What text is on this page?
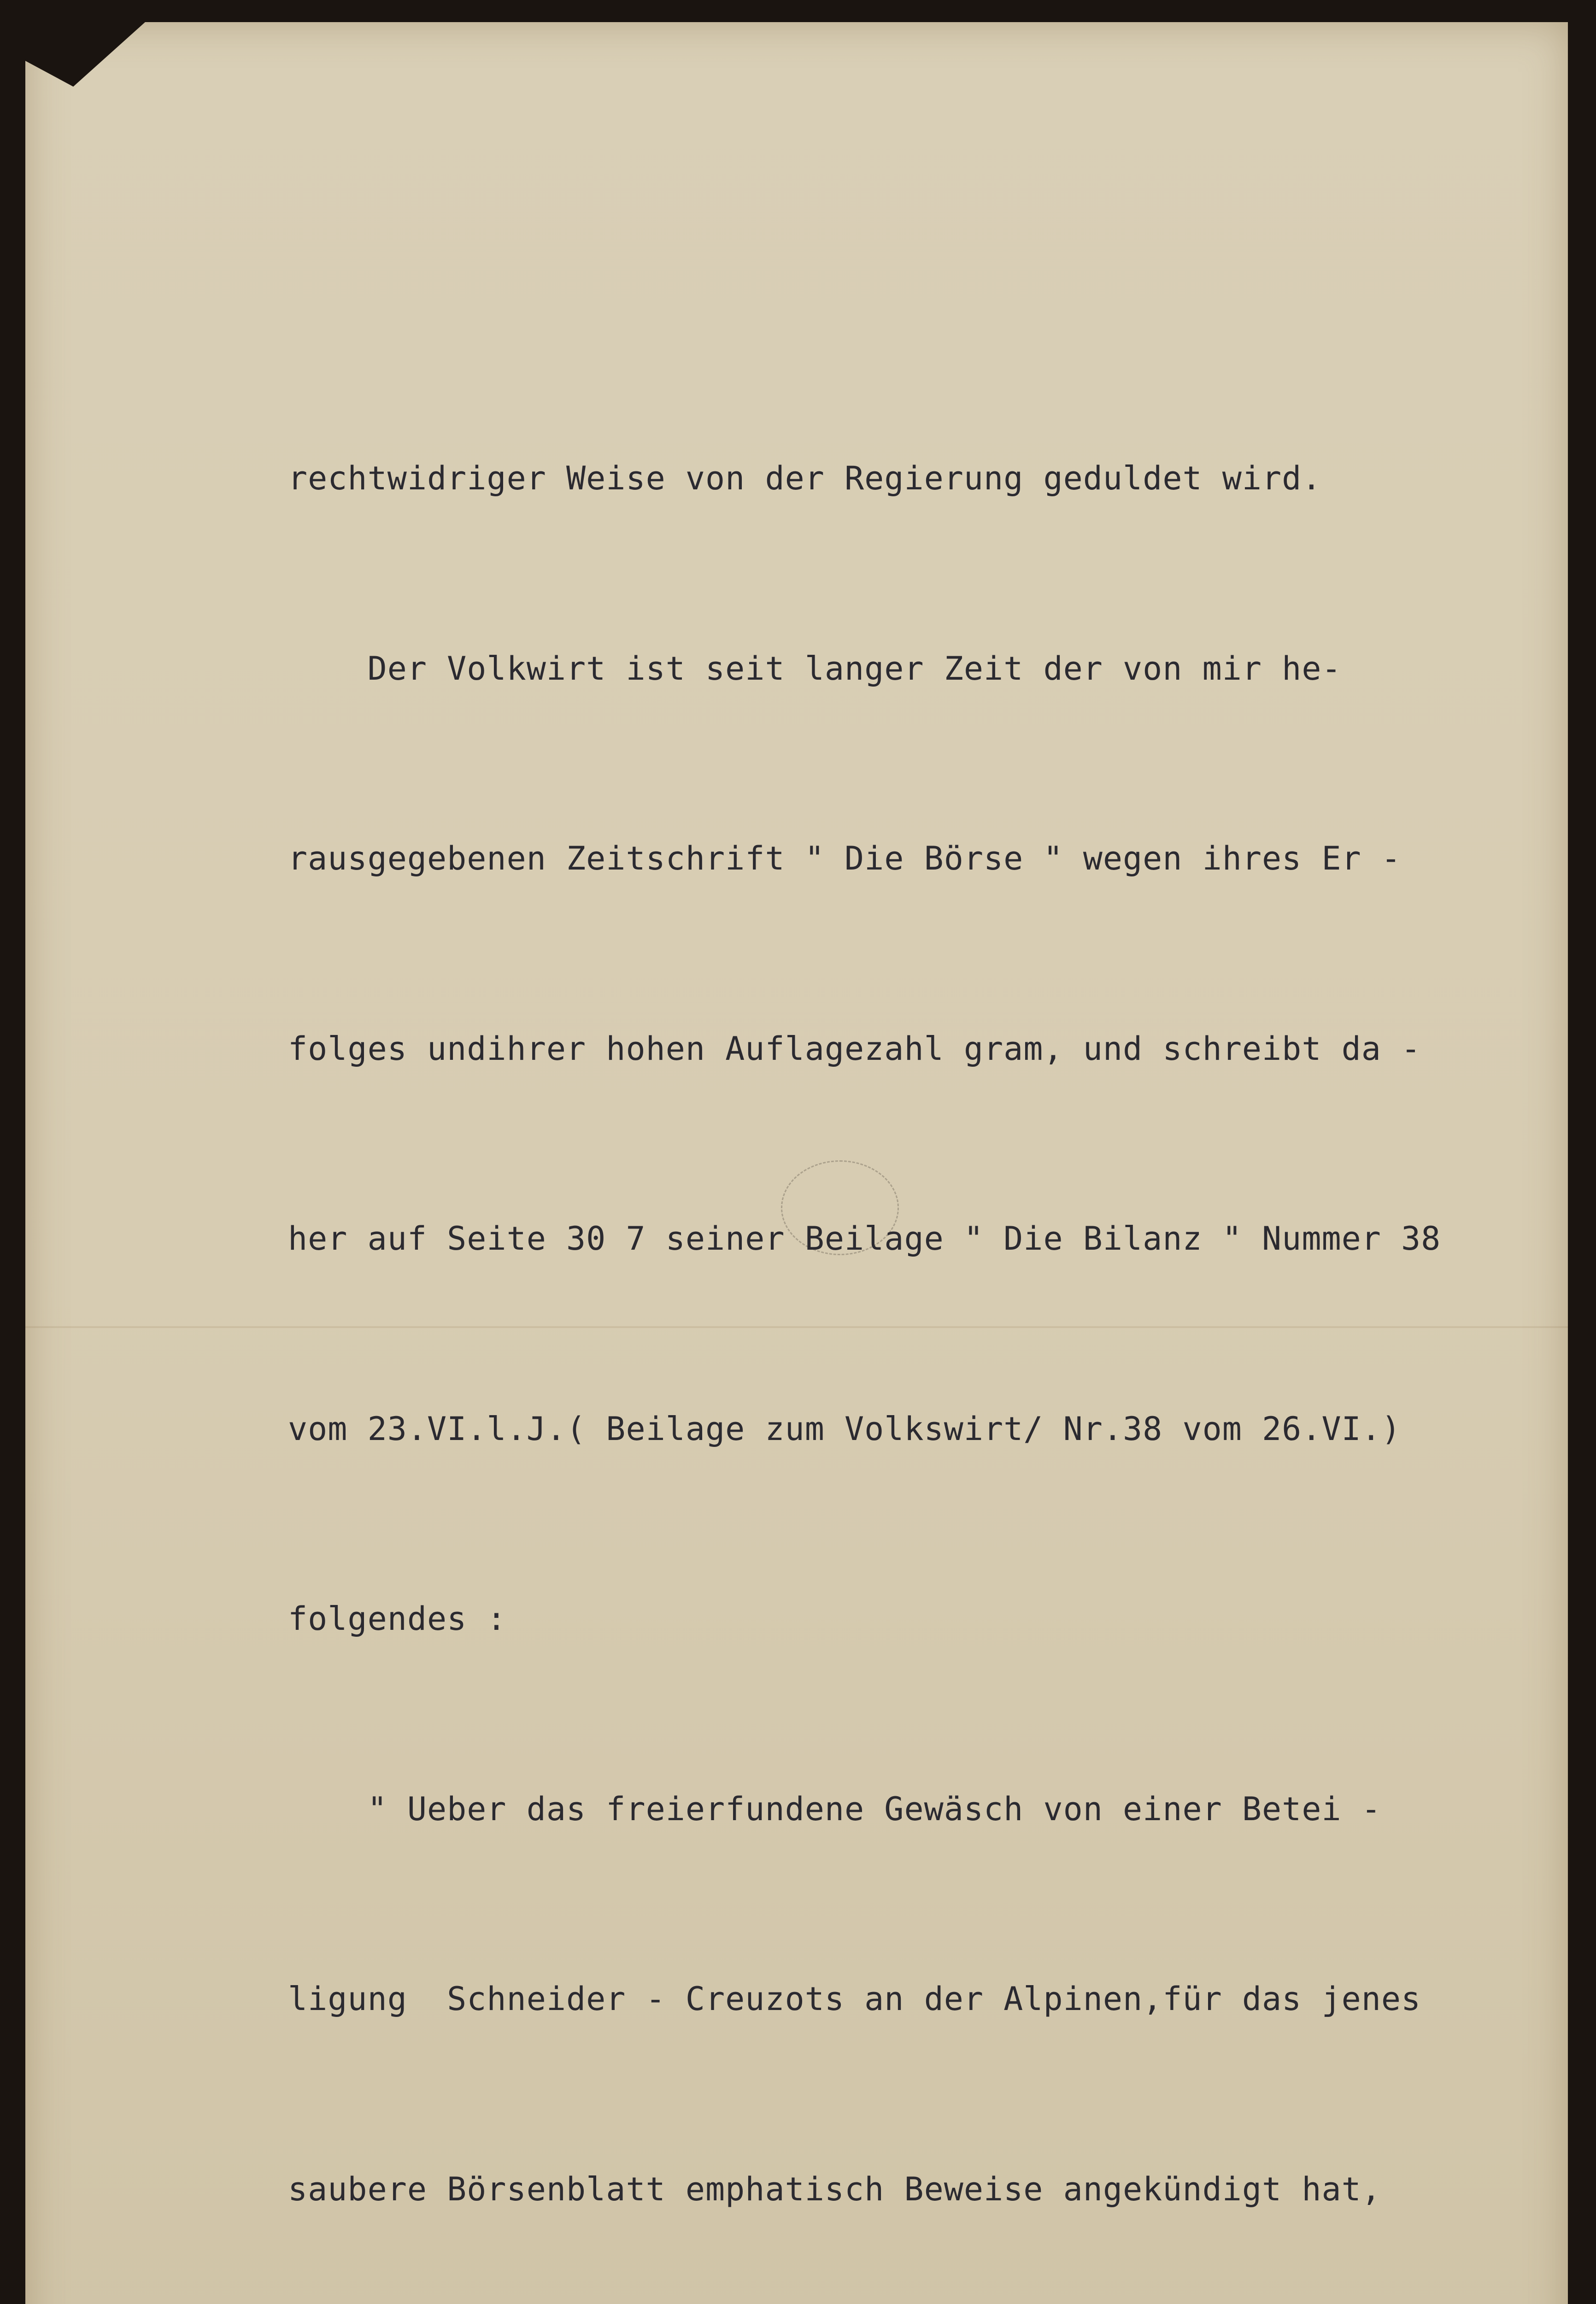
rechtwidriger Weise von der Regierung geduldet wird.

Der Volkwirt ist seit langer Zeit der von mir he-

rausgegebenen Zeitschrift " Die Börse " wegen ihres Er -

folges undihrer hohen Auflagezahl gram, und schreibt da -

her auf Seite 30 7 seiner Beilage " Die Bilanz " Nummer 38

vom 23.VI.l.J.( Beilage zum Volkswirt/ Nr.38 vom 26.VI.)

folgendes :

" Ueber das freierfundene Gewäsch von einer Betei -

ligung  Schneider - Creuzots an der Alpinen,für das jenes

saubere Börsenblatt emphatisch Beweise angekündigt hat,
